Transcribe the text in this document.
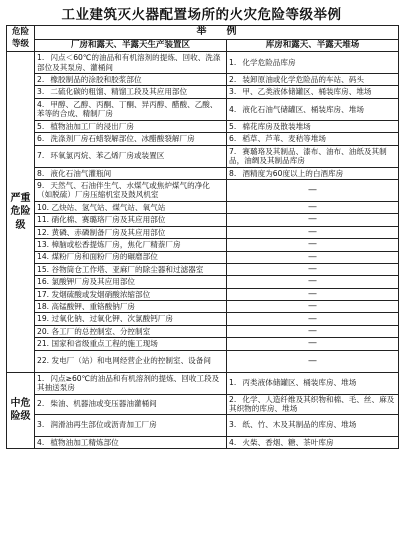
工业建筑灭火器配置场所的火灾危险等级举例
危险等级	举　　例	
	厂房和露天、半露天生产装置区	库房和露天、半露天堆场
严重危险级	1. 闪点＜60℃的油品和有机溶剂的提炼、回收、洗涤部位及其泵房、灌桶间	1. 化学危险品库房
	2. 橡胶制品的涂胶和胶浆部位	2. 装卸原油或化学危险品的车站、码头
	3. 二硫化碳的粗馏、精馏工段及其应用部位	3. 甲、乙类液体储罐区、桶装库房、堆场
	4. 甲醇、乙醇、丙酮、丁酮、异丙醇、醋酸、乙酸、苯等的合成、精制厂房	4. 液化石油气储罐区、桶装库房、堆场
	5. 植物油加工厂的浸出厂房	5. 棉花库房及散装堆场
	6. 洗涤剂厂房石蜡裂解部位、冰醋酸裂解厂房	6. 稻草、芦苇、麦秸等堆场
	7. 环氧氯丙烷、苯乙烯厂房或装置区	7. 赛璐珞及其制品、漆布、油布、油纸及其制品，油绸及其制品库房
	8. 液化石油气灌瓶间	8. 酒精度为60度以上的白酒库房
	9. 天然气、石油伴生气、水煤气或焦炉煤气的净化（如脱硫）厂房压缩机室及鼓风机室	—
	10. 乙炔站、氢气站、煤气站、氧气站	—
	11. 硝化棉、赛璐珞厂房及其应用部位	—
	12. 黄磷、赤磷制备厂房及其应用部位	—
	13. 樟脑或松香提炼厂房，焦化厂精萘厂房	—
	14. 煤粉厂房和面粉厂房的碾磨部位	—
	15. 谷物筒仓工作塔、亚麻厂的除尘器和过滤器室	—
	16. 氯酸钾厂房及其应用部位	—
	17. 发烟硫酸或发烟硝酸浓缩部位	—
	18. 高锰酸钾、重铬酸钠厂房	—
	19. 过氧化钠、过氧化钾、次氯酸钙厂房	—
	20. 各工厂的总控制室、分控制室	—
	21. 国家和省级重点工程的施工现场	—
	22. 发电厂（站）和电网经营企业的控制室、设备间	—
中危险级	1. 闪点≥60℃的油品和有机溶剂的提炼、回收工段及其抽送泵房	1. 丙类液体储罐区、桶装库房、堆场
	2. 柴油、机器油或变压器油灌桶间	2. 化学、人造纤维及其织物和棉、毛、丝、麻及其织物的库房、堆场
	3. 润滑油再生部位或沥青加工厂房	3. 纸、竹、木及其制品的库房、堆场
	4. 植物油加工精炼部位	4. 火柴、香烟、糖、茶叶库房
